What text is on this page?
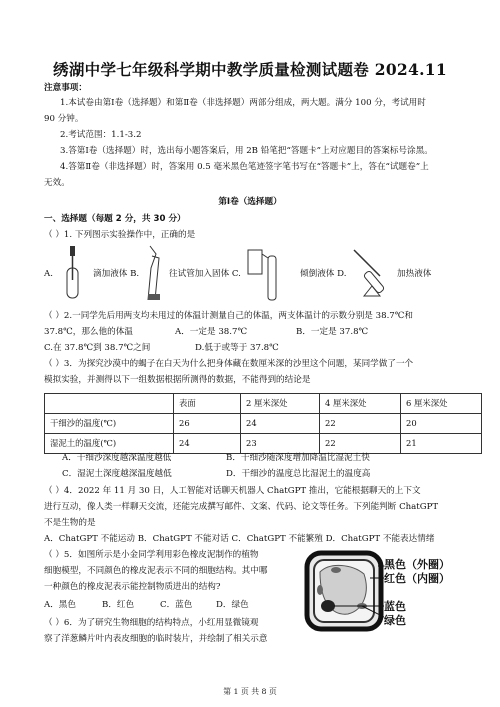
绣湖中学七年级科学期中教学质量检测试题卷 2024.11
注意事项：
1.本试卷由第Ⅰ卷（选择题）和第Ⅱ卷（非选择题）两部分组成，两大题。满分 100 分，考试用时
90 分钟。
2.考试范围：1.1-3.2
3.答第Ⅰ卷（选择题）时，选出每小题答案后，用 2B 铅笔把“答题卡”上对应题目的答案标号涂黑。
4.答第Ⅱ卷（非选择题）时，答案用 0.5 毫米黑色笔迹签字笔书写在“答题卡”上，答在“试题卷”上
无效。
第Ⅰ卷（选择题）
一、选择题（每题 2 分，共 30 分）
（ ）1. 下列图示实验操作中，正确的是
A.	滴加液体 B.	往试管加入固体 C.	倾倒液体 D.	加热液体
（ ）2.一同学先后用两支均未甩过的体温计测量自己的体温，两支体温计的示数分别是 38.7℃和
37.8℃，那么他的体温	A．一定是 38.7℃	B．一定是 37.8℃
C.在 37.8℃到 38.7℃之间	D.低于或等于 37.8℃
（ ）3．为探究沙漠中的蝎子在白天为什么把身体藏在数厘米深的沙里这个问题，某同学做了一个
模拟实验，并测得以下一组数据根据所测得的数据，不能得到的结论是
	表面	2 厘米深处	4 厘米深处	6 厘米深处
干细沙的温度(℃)	26	24	22	20
湿泥土的温度(℃)	24	23	22	21
A．干细沙深度越深温度越低	B．干细沙随深度增加降温比湿泥土快
C．湿泥土深度越深温度越低	D．干细沙的温度总比湿泥土的温度高
（ ）4．2022 年 11 月 30 日，人工智能对话聊天机器人 ChatGPT 推出，它能根据聊天的上下文
进行互动，像人类一样聊天交流，还能完成撰写邮件、文案、代码、论文等任务。下列能判断 ChatGPT
不是生物的是
A．ChatGPT 不能运动 B．ChatGPT 不能对话 C．ChatGPT 不能繁殖 D．ChatGPT 不能表达情绪
（ ）5．如图所示是小金同学利用彩色橡皮泥制作的植物
细胞模型，不同颜色的橡皮泥表示不同的细胞结构。其中哪
一种颜色的橡皮泥表示能控制物质进出的结构?
A．黑色	B．红色	C．蓝色	D．绿色
黑色（外圈）
红色（内圈）
蓝色
绿色
（ ）6．为了研究生物细胞的结构特点，小红用显微镜观
察了洋葱鳞片叶内表皮细胞的临时装片，并绘制了相关示意
第 1 页 共 8 页
